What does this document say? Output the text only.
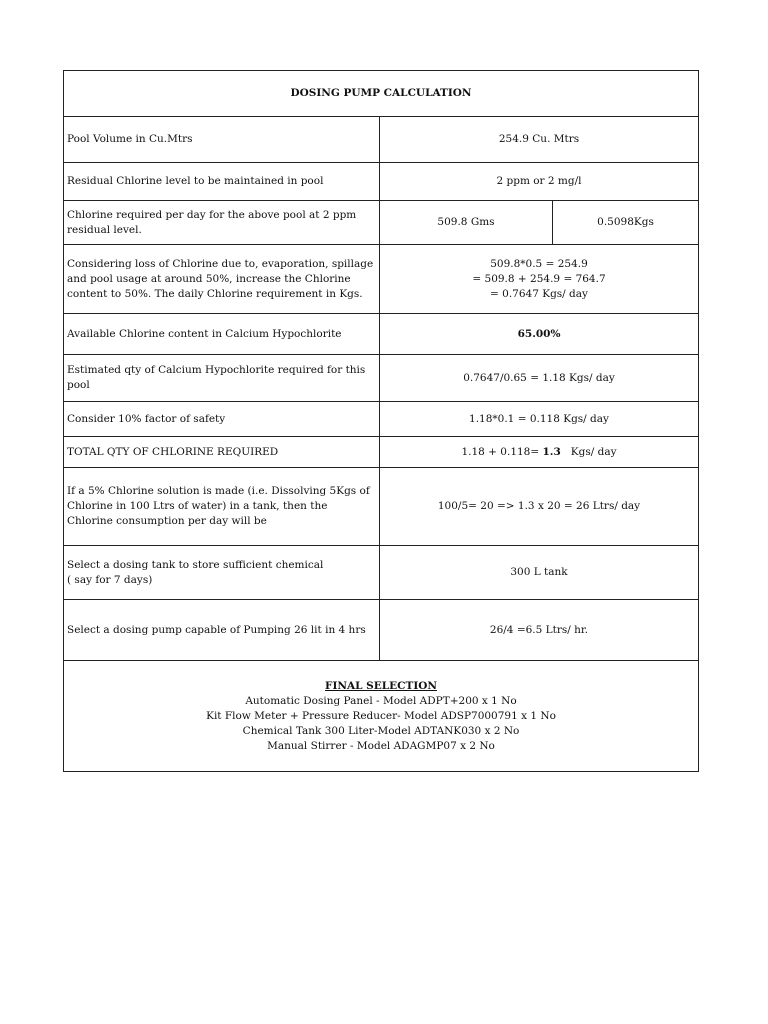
DOSING PUMP CALCULATION		
Pool Volume in Cu.Mtrs	254.9 Cu. Mtrs	
Residual Chlorine level to be maintained in pool	2 ppm or 2 mg/l	
Chlorine required per day for the above pool at 2 ppm residual level.	509.8 Gms	0.5098Kgs
Considering loss of Chlorine due to, evaporation, spillage and pool usage at around 50%, increase the Chlorine content to 50%. The daily Chlorine requirement in Kgs.	509.8*0.5 = 254.9
= 509.8 + 254.9 = 764.7
= 0.7647 Kgs/ day	

Available Chlorine content in Calcium Hypochlorite	65.00%	
Estimated qty of Calcium Hypochlorite required for this pool	0.7647/0.65 = 1.18 Kgs/ day	
Consider 10% factor of safety	1.18*0.1 = 0.118 Kgs/ day	
TOTAL QTY OF CHLORINE REQUIRED	1.18 + 0.118= 1.3   Kgs/ day	
If a 5% Chlorine solution is made (i.e. Dissolving 5Kgs of Chlorine in 100 Ltrs of water) in a tank, then the Chlorine consumption per day will be	100/5= 20 => 1.3 x 20 = 26 Ltrs/ day	

Select a dosing tank to store sufficient chemical
( say for 7 days)	300 L tank	
Select a dosing pump capable of Pumping 26 lit in 4 hrs	26/4 =6.5 Ltrs/ hr.	

FINAL SELECTION
Automatic Dosing Panel - Model ADPT+200 x 1 No
Kit Flow Meter + Pressure Reducer- Model ADSP7000791 x 1 No
Chemical Tank 300 Liter-Model ADTANK030 x 2 No
Manual Stirrer - Model ADAGMP07 x 2 No		
